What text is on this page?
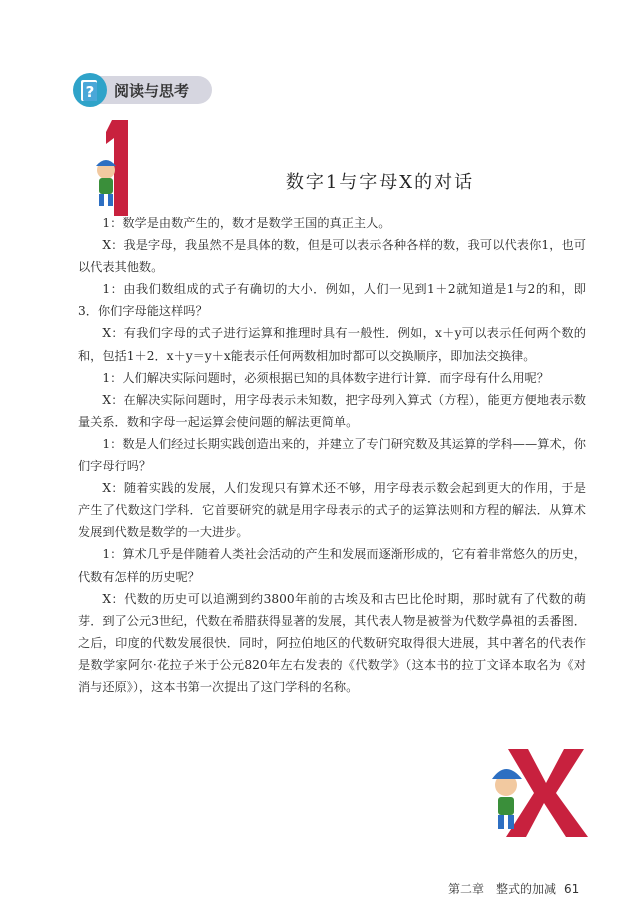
? 阅读与思考
数字1与字母X的对话

1：数学是由数产生的，数才是数学王国的真正主人。

X：我是字母，我虽然不是具体的数，但是可以表示各种各样的数，我可以代表你1，也可以代表其他数。

1：由我们数组成的式子有确切的大小．例如，人们一见到1＋2就知道是1与2的和，即3．你们字母能这样吗？

X：有我们字母的式子进行运算和推理时具有一般性．例如，x＋y可以表示任何两个数的和，包括1＋2．x＋y＝y＋x能表示任何两数相加时都可以交换顺序，即加法交换律。

1：人们解决实际问题时，必须根据已知的具体数字进行计算．而字母有什么用呢？

X：在解决实际问题时，用字母表示未知数，把字母列入算式（方程），能更方便地表示数量关系．数和字母一起运算会使问题的解法更简单。

1：数是人们经过长期实践创造出来的，并建立了专门研究数及其运算的学科——算术，你们字母行吗？

X：随着实践的发展，人们发现只有算术还不够，用字母表示数会起到更大的作用，于是产生了代数这门学科．它首要研究的就是用字母表示的式子的运算法则和方程的解法．从算术发展到代数是数学的一大进步。

1：算术几乎是伴随着人类社会活动的产生和发展而逐渐形成的，它有着非常悠久的历史，代数有怎样的历史呢？

X：代数的历史可以追溯到约3800年前的古埃及和古巴比伦时期，那时就有了代数的萌芽．到了公元3世纪，代数在希腊获得显著的发展，其代表人物是被誉为代数学鼻祖的丢番图．之后，印度的代数发展很快．同时，阿拉伯地区的代数研究取得很大进展，其中著名的代表作是数学家阿尔·花拉子米于公元820年左右发表的《代数学》（这本书的拉丁文译本取名为《对消与还原》），这本书第一次提出了这门学科的名称。

X
第二章　整式的加减 61
